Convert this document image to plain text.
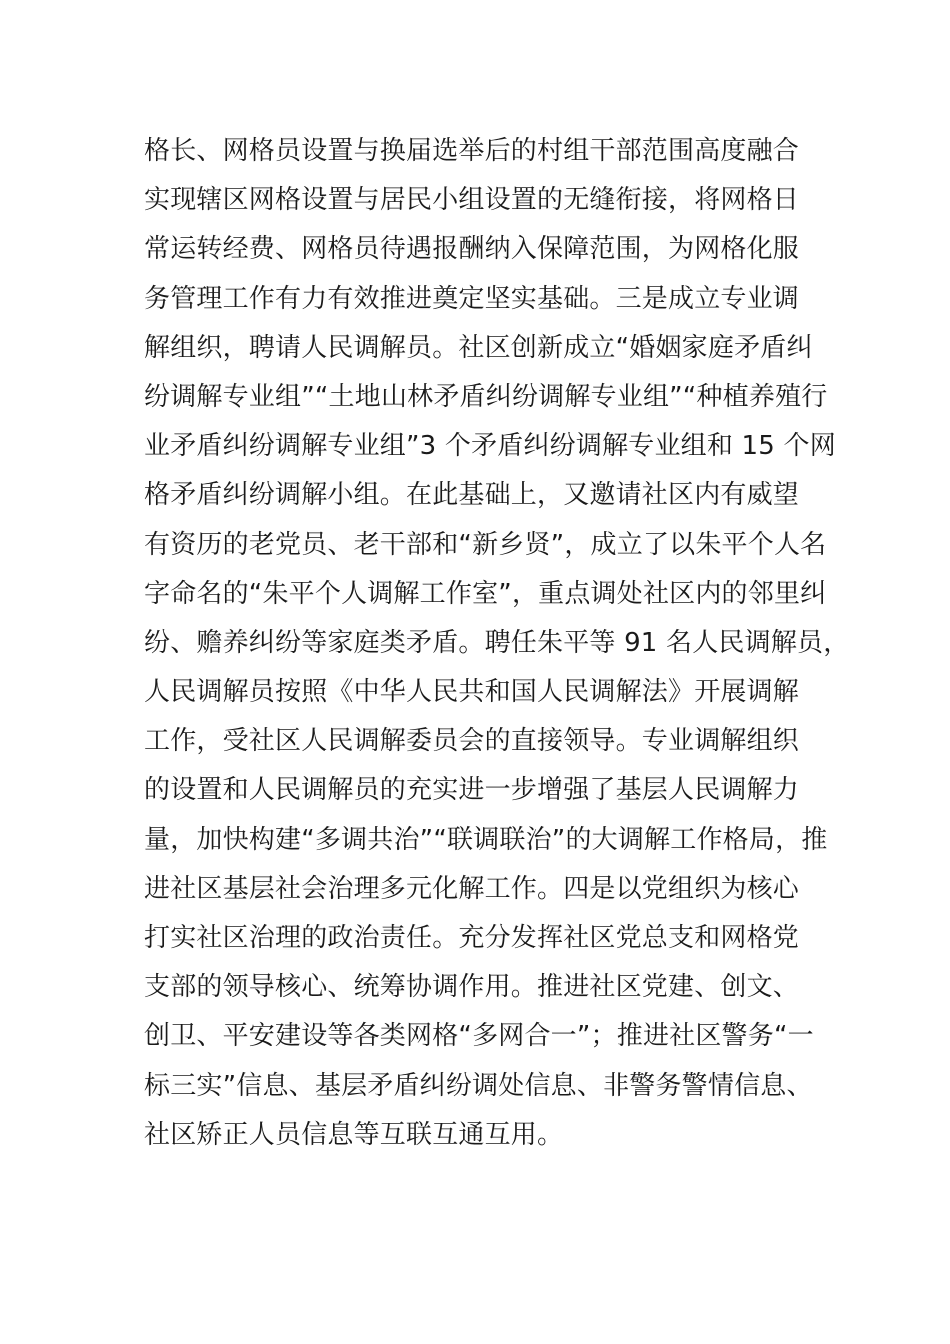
格长、网格员设置与换届选举后的村组干部范围高度融合
实现辖区网格设置与居民小组设置的无缝衔接，将网格日
常运转经费、网格员待遇报酬纳入保障范围，为网格化服
务管理工作有力有效推进奠定坚实基础。三是成立专业调
解组织，聘请人民调解员。社区创新成立“婚姻家庭矛盾纠
纷调解专业组”“土地山林矛盾纠纷调解专业组”“种植养殖行
业矛盾纠纷调解专业组”3 个矛盾纠纷调解专业组和 15 个网
格矛盾纠纷调解小组。在此基础上，又邀请社区内有威望
有资历的老党员、老干部和“新乡贤”，成立了以朱平个人名
字命名的“朱平个人调解工作室”，重点调处社区内的邻里纠
纷、赡养纠纷等家庭类矛盾。聘任朱平等 91 名人民调解员，
人民调解员按照《中华人民共和国人民调解法》开展调解
工作，受社区人民调解委员会的直接领导。专业调解组织
的设置和人民调解员的充实进一步增强了基层人民调解力
量，加快构建“多调共治”“联调联治”的大调解工作格局，推
进社区基层社会治理多元化解工作。四是以党组织为核心
打实社区治理的政治责任。充分发挥社区党总支和网格党
支部的领导核心、统筹协调作用。推进社区党建、创文、
创卫、平安建设等各类网格“多网合一”；推进社区警务“一
标三实”信息、基层矛盾纠纷调处信息、非警务警情信息、
社区矫正人员信息等互联互通互用。
